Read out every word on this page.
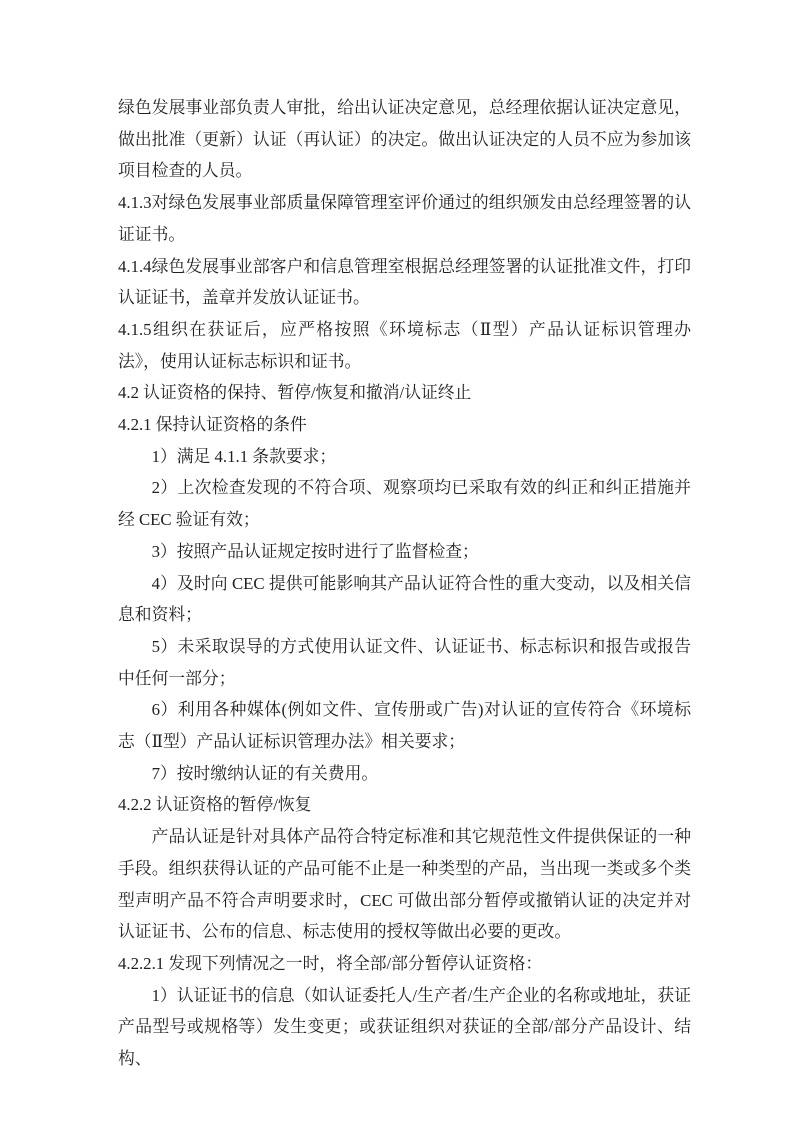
绿色发展事业部负责人审批，给出认证决定意见，总经理依据认证决定意见，做出批准（更新）认证（再认证）的决定。做出认证决定的人员不应为参加该项目检查的人员。

4.1.3对绿色发展事业部质量保障管理室评价通过的组织颁发由总经理签署的认证证书。

4.1.4绿色发展事业部客户和信息管理室根据总经理签署的认证批准文件，打印认证证书，盖章并发放认证证书。

4.1.5组织在获证后，应严格按照《环境标志（Ⅱ型）产品认证标识管理办法》，使用认证标志标识和证书。

4.2 认证资格的保持、暂停/恢复和撤消/认证终止

4.2.1 保持认证资格的条件

1）满足 4.1.1 条款要求；

2）上次检查发现的不符合项、观察项均已采取有效的纠正和纠正措施并经 CEC 验证有效；

3）按照产品认证规定按时进行了监督检查；

4）及时向 CEC 提供可能影响其产品认证符合性的重大变动，以及相关信息和资料；

5）未采取误导的方式使用认证文件、认证证书、标志标识和报告或报告中任何一部分；

6）利用各种媒体(例如文件、宣传册或广告)对认证的宣传符合《环境标志（Ⅱ型）产品认证标识管理办法》相关要求；

7）按时缴纳认证的有关费用。

4.2.2 认证资格的暂停/恢复

产品认证是针对具体产品符合特定标准和其它规范性文件提供保证的一种手段。组织获得认证的产品可能不止是一种类型的产品，当出现一类或多个类型声明产品不符合声明要求时，CEC 可做出部分暂停或撤销认证的决定并对认证证书、公布的信息、标志使用的授权等做出必要的更改。

4.2.2.1 发现下列情况之一时，将全部/部分暂停认证资格：

1）认证证书的信息（如认证委托人/生产者/生产企业的名称或地址，获证产品型号或规格等）发生变更；或获证组织对获证的全部/部分产品设计、结构、
